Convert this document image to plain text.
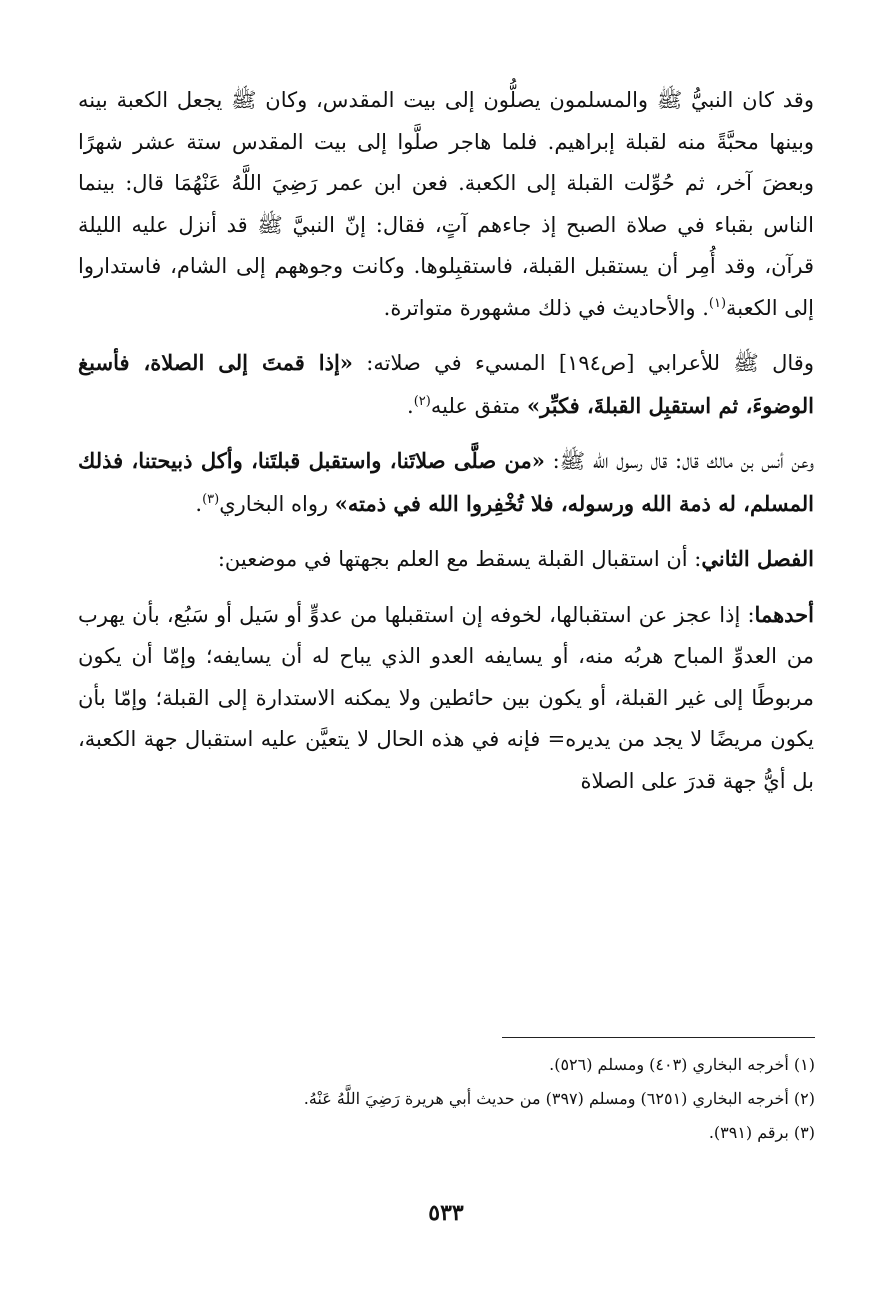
وقد كان النبيُّ ﷺ والمسلمون يصلُّون إلى بيت المقدس، وكان ﷺ يجعل الكعبة بينه وبينها محبَّةً منه لقبلة إبراهيم. فلما هاجر صلَّوا إلى بيت المقدس ستة عشر شهرًا وبعضَ آخر، ثم حُوِّلت القبلة إلى الكعبة. فعن ابن عمر رَضِيَ اللَّهُ عَنْهُمَا قال: بينما الناس بقباء في صلاة الصبح إذ جاءهم آتٍ، فقال: إنّ النبيَّ ﷺ قد أنزل عليه الليلة قرآن، وقد أُمِر أن يستقبل القبلة، فاستقبِلوها. وكانت وجوههم إلى الشام، فاستداروا إلى الكعبة$^{(١)}$. والأحاديث في ذلك مشهورة متواترة.

وقال ﷺ للأعرابي [ص١٩٤] المسيء في صلاته: «إذا قمتَ إلى الصلاة، فأسبغ الوضوءَ، ثم استقبِل القبلةَ، فكبِّر» متفق عليه$^{(٢)}$.

وعن أنس بن مالك قال: قال رسول الله ﷺ: «من صلَّى صلاتَنا، واستقبل قبلتَنا، وأكل ذبيحتنا، فذلك المسلم، له ذمة الله ورسوله، فلا تُخْفِروا الله في ذمته» رواه البخاري$^{(٣)}$.

الفصل الثاني: أن استقبال القبلة يسقط مع العلم بجهتها في موضعين:

أحدهما: إذا عجز عن استقبالها، لخوفه إن استقبلها من عدوٍّ أو سَيل أو سَبُع، بأن يهرب من العدوِّ المباح هربُه منه، أو يسايفه العدو الذي يباح له أن يسايفه؛ وإمّا أن يكون مربوطًا إلى غير القبلة، أو يكون بين حائطين ولا يمكنه الاستدارة إلى القبلة؛ وإمّا بأن يكون مريضًا لا يجد من يديره= فإنه في هذه الحال لا يتعيَّن عليه استقبال جهة الكعبة، بل أيُّ جهة قدرَ على الصلاة

(١) أخرجه البخاري (٤٠٣) ومسلم (٥٢٦).

(٢) أخرجه البخاري (٦٢٥١) ومسلم (٣٩٧) من حديث أبي هريرة رَضِيَ اللَّهُ عَنْهُ.

(٣) برقم (٣٩١).

٥٣٣
